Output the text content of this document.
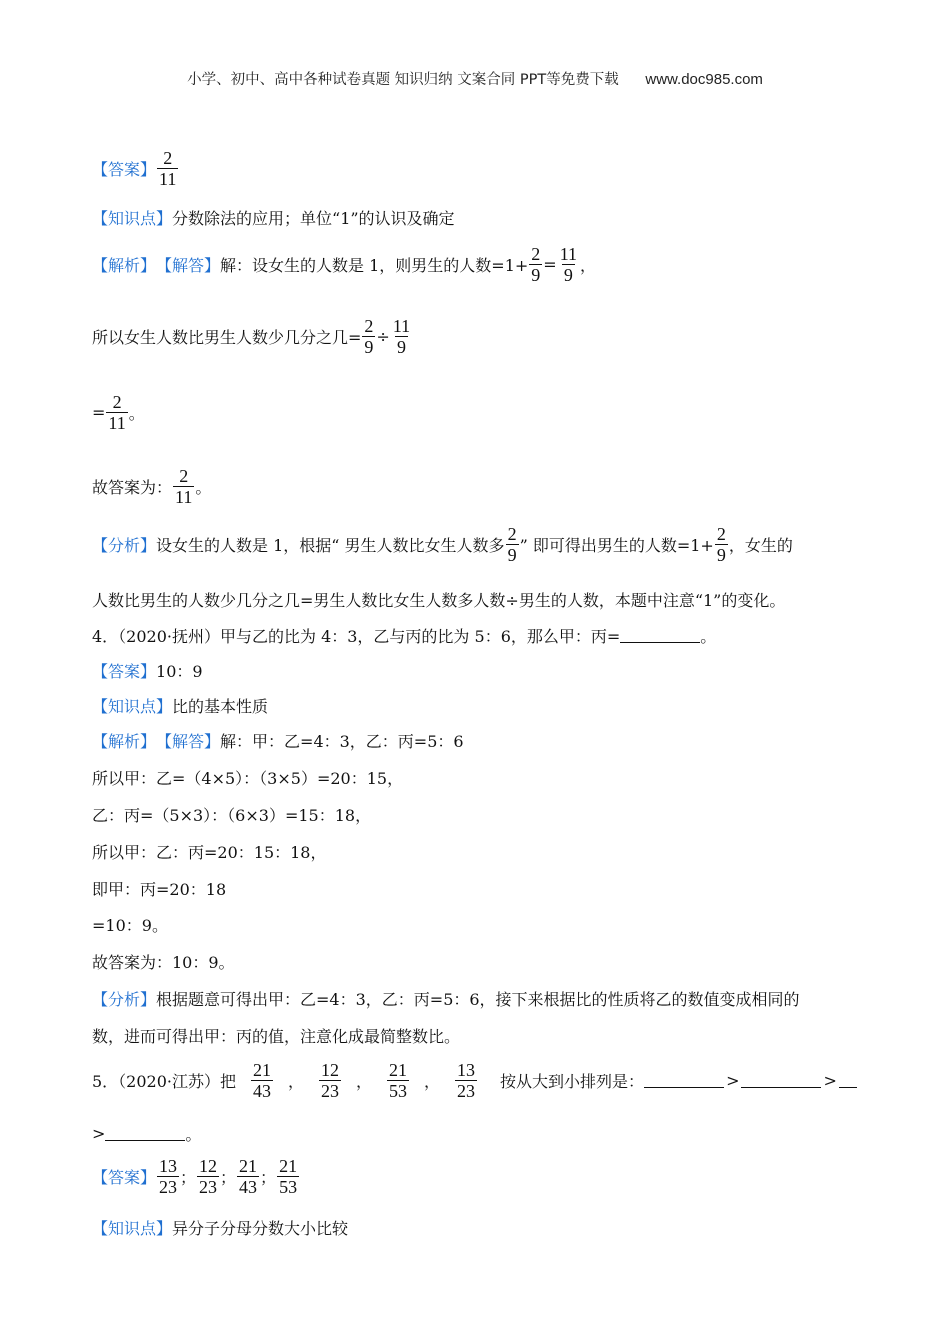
小学、初中、高中各种试卷真题 知识归纳 文案合同 PPT等免费下载 www.doc985.com
【答案】 $\frac{2}{11}$
【知识点】 分数除法的应用；单位“1”的认识及确定
【解析】 【解答】 解：设女生的人数是 1，则男生的人数$=1+ \frac{2}{9} = \frac{11}{9}$ ，
所以女生人数比男生人数少几分之几= $\frac{2}{9} \div \frac{11}{9}$
= $\frac{2}{11}$ 。
故答案为： $\frac{2}{11}$ 。
【分析】 设女生的人数是 1，根据“ 男生人数比女生人数多 $\frac{2}{9}$ ” 即可得出男生的人数$=1+ \frac{2}{9}$ ，女生的
人数比男生的人数少几分之几=男生人数比女生人数多人数÷男生的人数，本题中注意“1”的变化。
4．（2020·抚州）甲与乙的比为 4：3，乙与丙的比为 5：6，那么甲：丙=	。
【答案】 10：9
【知识点】 比的基本性质
【解析】 【解答】 解：甲：乙=4：3，乙：丙=5：6
所以甲：乙=（4×5）：（3×5）=20：15，
乙：丙=（5×3）：（6×3）=15：18，
所以甲：乙：丙=20：15：18，
即甲：丙=20：18
=10：9。
故答案为：10：9。
【分析】 根据题意可得出甲：乙=4：3，乙：丙=5：6，接下来根据比的性质将乙的数值变成相同的
数，进而可得出甲：丙的值，注意化成最简整数比。
5．（2020·江苏）把 $\frac{21}{43}$ ， $\frac{12}{23}$ ， $\frac{21}{53}$ ， $\frac{13}{23}$ 按从大到小排列是：	>	>
>	。
【答案】 $\frac{13}{23}$ ； $\frac{12}{23}$ ； $\frac{21}{43}$ ； $\frac{21}{53}$
【知识点】 异分子分母分数大小比较
